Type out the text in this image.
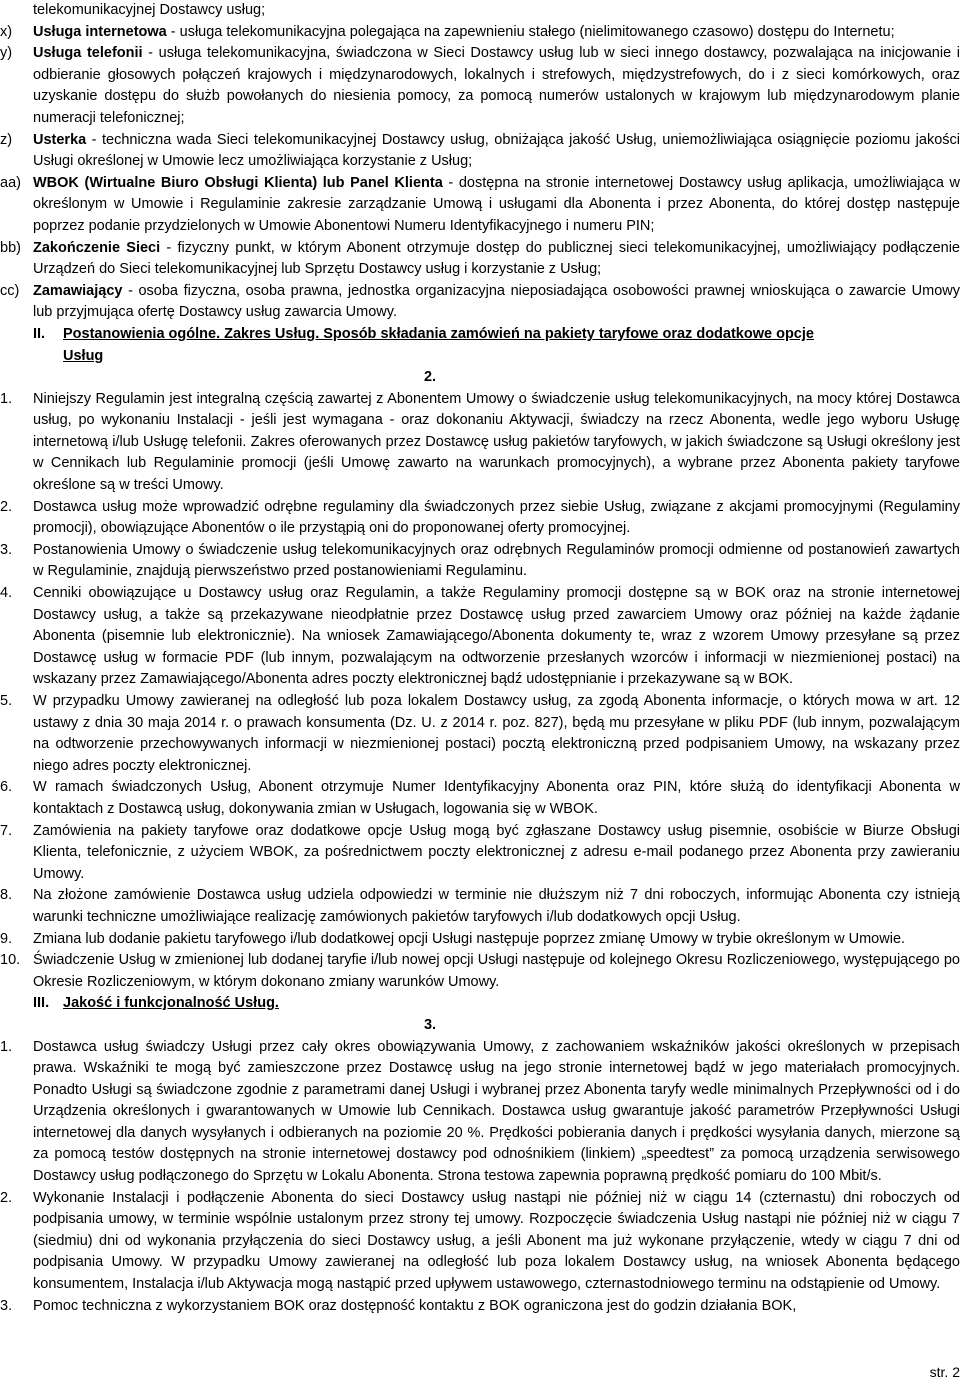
telekomunikacyjnej Dostawcy usług;
x)	Usługa internetowa - usługa telekomunikacyjna polegająca na zapewnieniu stałego (nielimitowanego czasowo) dostępu do Internetu;
y)	Usługa telefonii - usługa telekomunikacyjna, świadczona w Sieci Dostawcy usług lub w sieci innego dostawcy, pozwalająca na inicjowanie i odbieranie głosowych połączeń krajowych i międzynarodowych, lokalnych i strefowych, międzystrefowych, do i z sieci komórkowych, oraz uzyskanie dostępu do służb powołanych do niesienia pomocy, za pomocą numerów ustalonych w krajowym lub międzynarodowym planie numeracji telefonicznej;
z)	Usterka - techniczna wada Sieci telekomunikacyjnej Dostawcy usług, obniżająca jakość Usług, uniemożliwiająca osiągnięcie poziomu jakości Usługi określonej w Umowie lecz umożliwiająca korzystanie z Usług;
aa) WBOK (Wirtualne Biuro Obsługi Klienta) lub Panel Klienta - dostępna na stronie internetowej Dostawcy usług aplikacja, umożliwiająca w określonym w Umowie i Regulaminie zakresie zarządzanie Umową i usługami dla Abonenta i przez Abonenta, do której dostęp następuje poprzez podanie przydzielonych w Umowie Abonentowi Numeru Identyfikacyjnego i numeru PIN;
bb) Zakończenie Sieci - fizyczny punkt, w którym Abonent otrzymuje dostęp do publicznej sieci telekomunikacyjnej, umożliwiający podłączenie Urządzeń do Sieci telekomunikacyjnej lub Sprzętu Dostawcy usług i korzystanie z Usług;
cc) Zamawiający - osoba fizyczna, osoba prawna, jednostka organizacyjna nieposiadająca osobowości prawnej wnioskująca o zawarcie Umowy lub przyjmująca ofertę Dostawcy usług zawarcia Umowy.
II. Postanowienia ogólne. Zakres Usług. Sposób składania zamówień na pakiety taryfowe oraz dodatkowe opcje
Usług
2.
1.	Niniejszy Regulamin jest integralną częścią zawartej z Abonentem Umowy o świadczenie usług telekomunikacyjnych, na mocy której Dostawca usług, po wykonaniu Instalacji - jeśli jest wymagana - oraz dokonaniu Aktywacji, świadczy na rzecz Abonenta, wedle jego wyboru Usługę internetową i/lub Usługę telefonii. Zakres oferowanych przez Dostawcę usług pakietów taryfowych, w jakich świadczone są Usługi określony jest w Cennikach lub Regulaminie promocji (jeśli Umowę zawarto na warunkach promocyjnych), a wybrane przez Abonenta pakiety taryfowe określone są w treści Umowy.
2.	Dostawca usług może wprowadzić odrębne regulaminy dla świadczonych przez siebie Usług, związane z akcjami promocyjnymi (Regulaminy promocji), obowiązujące Abonentów o ile przystąpią oni do proponowanej oferty promocyjnej.
3.	Postanowienia Umowy o świadczenie usług telekomunikacyjnych oraz odrębnych Regulaminów promocji odmienne od postanowień zawartych w Regulaminie, znajdują pierwszeństwo przed postanowieniami Regulaminu.
4.	Cenniki obowiązujące u Dostawcy usług oraz Regulamin, a także Regulaminy promocji dostępne są w BOK oraz na stronie internetowej Dostawcy usług, a także są przekazywane nieodpłatnie przez Dostawcę usług przed zawarciem Umowy oraz później na każde żądanie Abonenta (pisemnie lub elektronicznie). Na wniosek Zamawiającego/Abonenta dokumenty te, wraz z wzorem Umowy przesyłane są przez Dostawcę usług w formacie PDF (lub innym, pozwalającym na odtworzenie przesłanych wzorców i informacji w niezmienionej postaci) na wskazany przez Zamawiającego/Abonenta adres poczty elektronicznej bądź udostępnianie i przekazywane są w BOK.
5.	W przypadku Umowy zawieranej na odległość lub poza lokalem Dostawcy usług, za zgodą Abonenta informacje, o których mowa w art. 12 ustawy z dnia 30 maja 2014 r. o prawach konsumenta (Dz. U. z 2014 r. poz. 827), będą mu przesyłane w pliku PDF (lub innym, pozwalającym na odtworzenie przechowywanych informacji w niezmienionej postaci) pocztą elektroniczną przed podpisaniem Umowy, na wskazany przez niego adres poczty elektronicznej.
6.	W ramach świadczonych Usług, Abonent otrzymuje Numer Identyfikacyjny Abonenta oraz PIN, które służą do identyfikacji Abonenta w kontaktach z Dostawcą usług, dokonywania zmian w Usługach, logowania się w WBOK.
7.	Zamówienia na pakiety taryfowe oraz dodatkowe opcje Usług mogą być zgłaszane Dostawcy usług pisemnie, osobiście w Biurze Obsługi Klienta, telefonicznie, z użyciem WBOK, za pośrednictwem poczty elektronicznej z adresu e-mail podanego przez Abonenta przy zawieraniu Umowy.
8.	Na złożone zamówienie Dostawca usług udziela odpowiedzi w terminie nie dłuższym niż 7 dni roboczych, informując Abonenta czy istnieją warunki techniczne umożliwiające realizację zamówionych pakietów taryfowych i/lub dodatkowych opcji Usług.
9.	Zmiana lub dodanie pakietu taryfowego i/lub dodatkowej opcji Usługi następuje poprzez zmianę Umowy w trybie określonym w Umowie.
10. Świadczenie Usług w zmienionej lub dodanej taryfie i/lub nowej opcji Usługi następuje od kolejnego Okresu Rozliczeniowego, występującego po Okresie Rozliczeniowym, w którym dokonano zmiany warunków Umowy.
III. Jakość i funkcjonalność Usług.
3.
1.	Dostawca usług świadczy Usługi przez cały okres obowiązywania Umowy, z zachowaniem wskaźników jakości określonych w przepisach prawa. Wskaźniki te mogą być zamieszczone przez Dostawcę usług na jego stronie internetowej bądź w jego materiałach promocyjnych. Ponadto Usługi są świadczone zgodnie z parametrami danej Usługi i wybranej przez Abonenta taryfy wedle minimalnych Przepływności od i do Urządzenia określonych i gwarantowanych w Umowie lub Cennikach. Dostawca usług gwarantuje jakość parametrów Przepływności Usługi internetowej dla danych wysyłanych i odbieranych na poziomie 20 %. Prędkości pobierania danych i prędkości wysyłania danych, mierzone są za pomocą testów dostępnych na stronie internetowej dostawcy pod odnośnikiem (linkiem) „speedtest” za pomocą urządzenia serwisowego Dostawcy usług podłączonego do Sprzętu w Lokalu Abonenta. Strona testowa zapewnia poprawną prędkość pomiaru do 100 Mbit/s.
2.	Wykonanie Instalacji i podłączenie Abonenta do sieci Dostawcy usług nastąpi nie później niż w ciągu 14 (czternastu) dni roboczych od podpisania umowy, w terminie wspólnie ustalonym przez strony tej umowy. Rozpoczęcie świadczenia Usług nastąpi nie później niż w ciągu 7 (siedmiu) dni od wykonania przyłączenia do sieci Dostawcy usług, a jeśli Abonent ma już wykonane przyłączenie, wtedy w ciągu 7 dni od podpisania Umowy. W przypadku Umowy zawieranej na odległość lub poza lokalem Dostawcy usług, na wniosek Abonenta będącego konsumentem, Instalacja i/lub Aktywacja mogą nastąpić przed upływem ustawowego, czternastodniowego terminu na odstąpienie od Umowy.
3.	Pomoc techniczna z wykorzystaniem BOK oraz dostępność kontaktu z BOK ograniczona jest do godzin działania BOK,
str. 2
